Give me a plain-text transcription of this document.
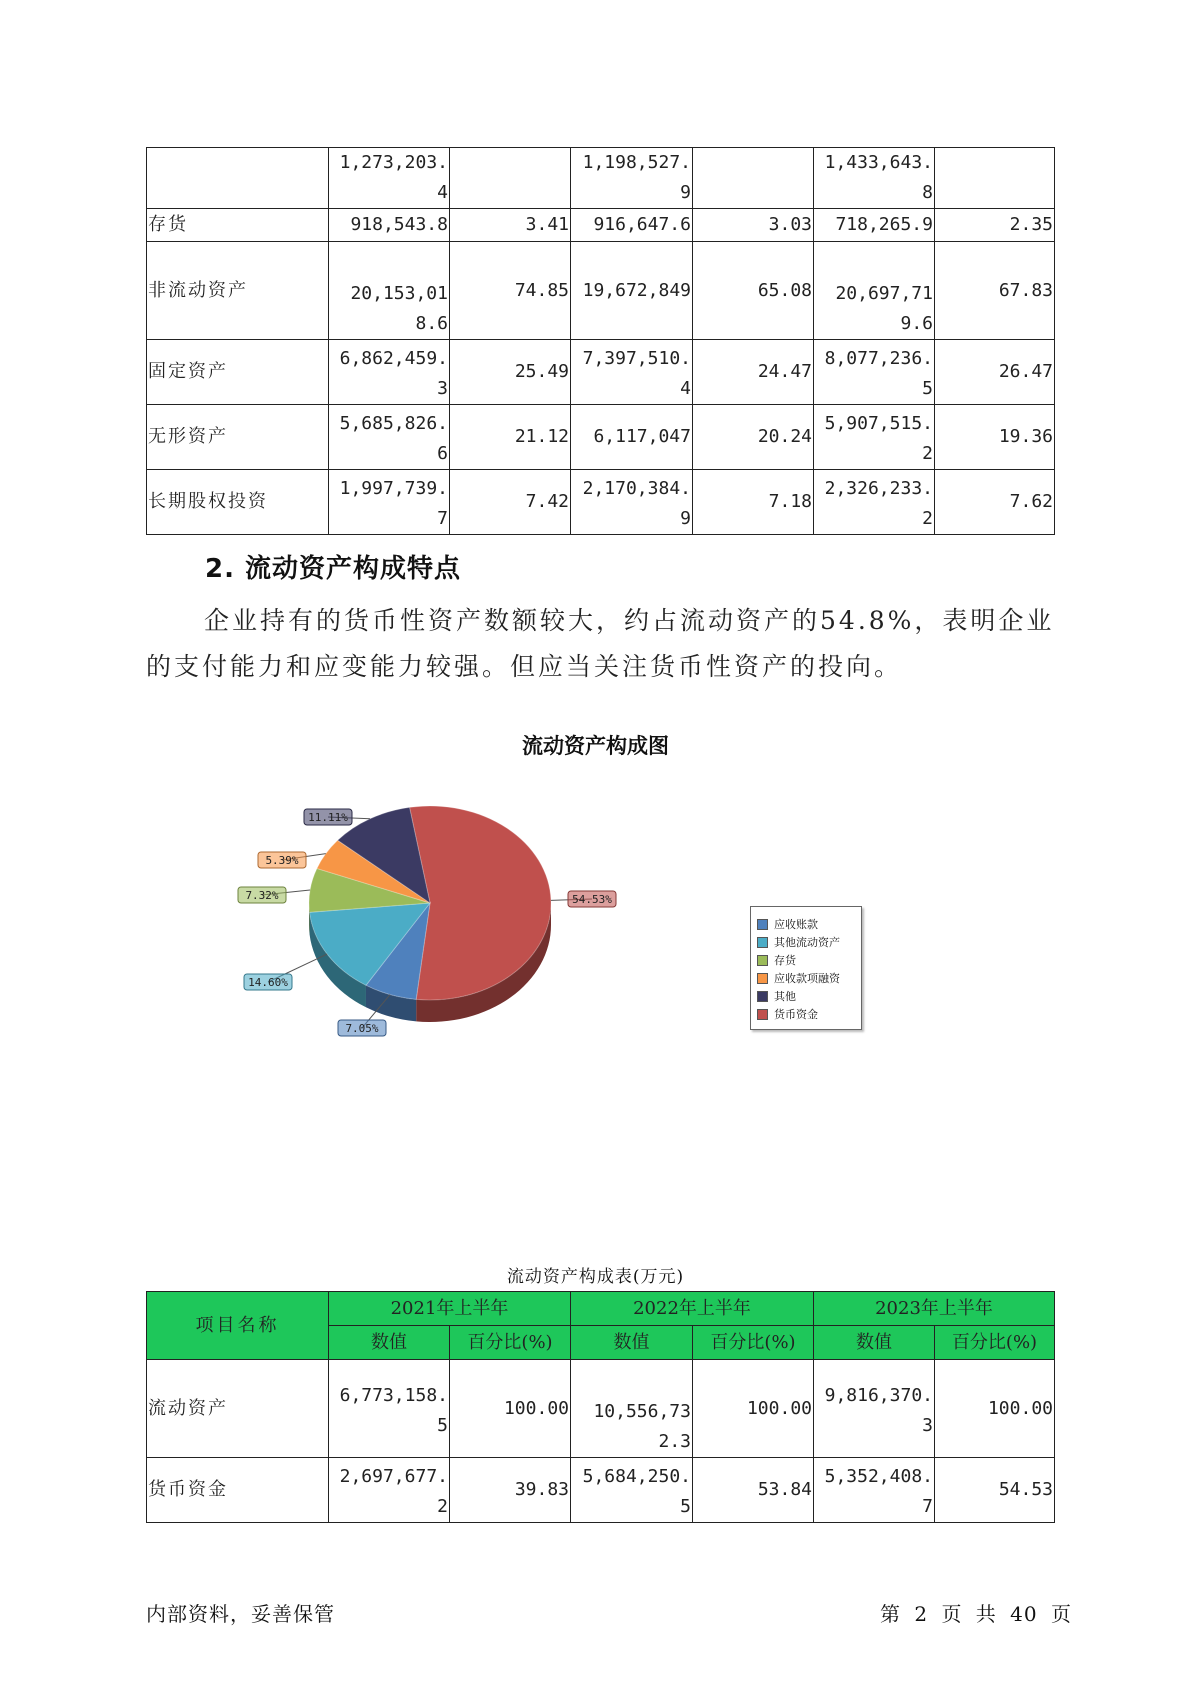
	1,273,203.4		1,198,527.9		1,433,643.8	
存货	918,543.8	3.41	916,647.6	3.03	718,265.9	2.35
非流动资产	20,153,018.6	74.85	19,672,849	65.08	20,697,719.6	67.83
固定资产	6,862,459.3	25.49	7,397,510.4	24.47	8,077,236.5	26.47
无形资产	5,685,826.6	21.12	6,117,047	20.24	5,907,515.2	19.36
长期股权投资	1,997,739.7	7.42	2,170,384.9	7.18	2,326,233.2	7.62
2. 流动资产构成特点
企业持有的货币性资产数额较大，约占流动资产的54.8%，表明企业的支付能力和应变能力较强。但应当关注货币性资产的投向。
流动资产构成图
54.53%
7.05%
14.60%
7.32%
5.39%
11.11%
应收账款
其他流动资产
存货
应收款项融资
其他
货币资金
流动资产构成表(万元)
项目名称	2021年上半年		2022年上半年		2023年上半年	
	数值	百分比(%)	数值	百分比(%)	数值	百分比(%)
流动资产	6,773,158.5	100.00	10,556,732.3	100.00	9,816,370.3	100.00
货币资金	2,697,677.2	39.83	5,684,250.5	53.84	5,352,408.7	54.53
内部资料，妥善保管	第 2 页 共 40 页
